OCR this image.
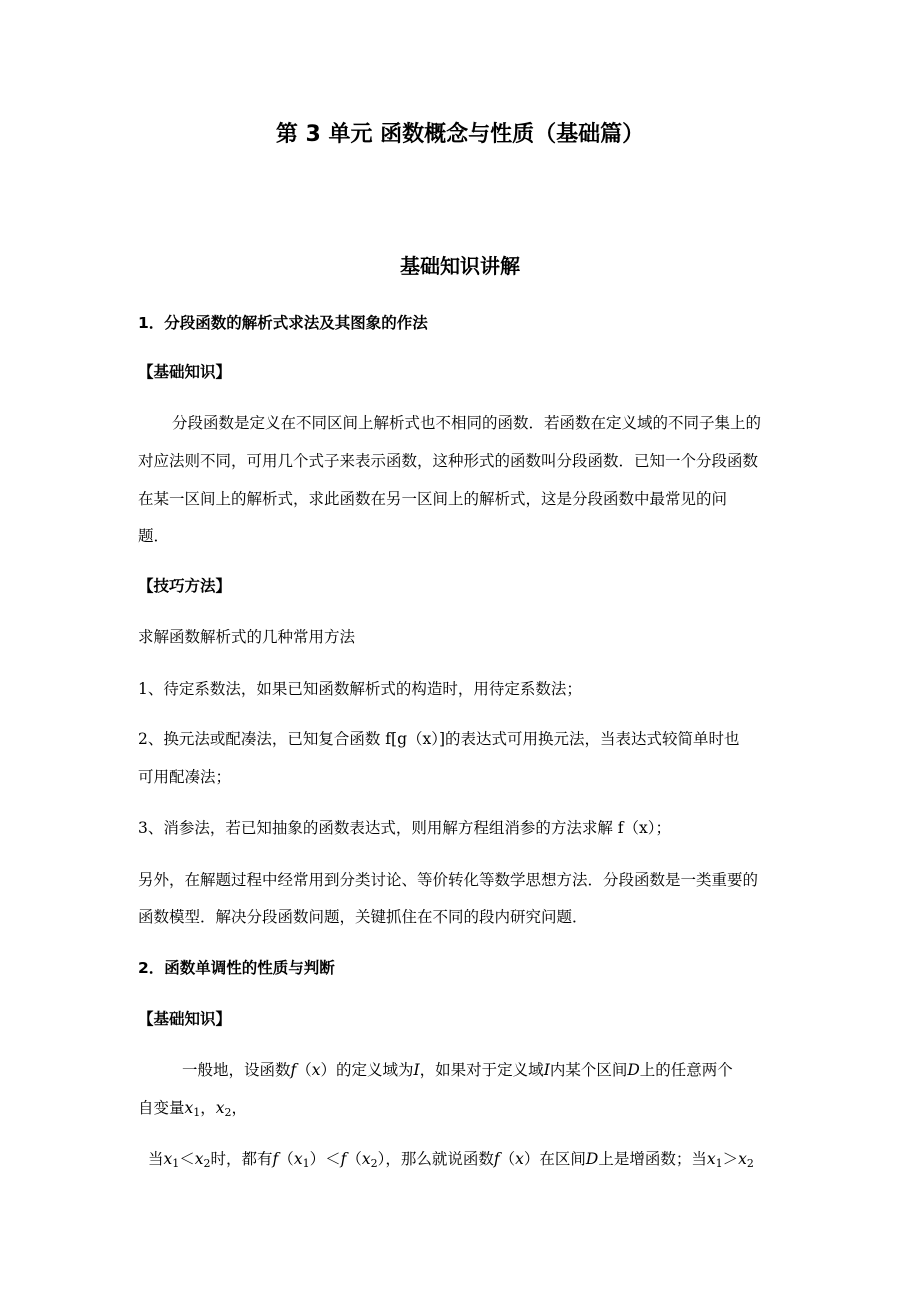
第 3 单元 函数概念与性质（基础篇）
基础知识讲解
1．分段函数的解析式求法及其图象的作法
【基础知识】
分段函数是定义在不同区间上解析式也不相同的函数．若函数在定义域的不同子集上的
对应法则不同，可用几个式子来表示函数，这种形式的函数叫分段函数．已知一个分段函数
在某一区间上的解析式，求此函数在另一区间上的解析式，这是分段函数中最常见的问
题．
【技巧方法】
求解函数解析式的几种常用方法
1、待定系数法，如果已知函数解析式的构造时，用待定系数法；
2、换元法或配凑法，已知复合函数 f[g（x）]的表达式可用换元法，当表达式较简单时也
可用配凑法；
3、消参法，若已知抽象的函数表达式，则用解方程组消参的方法求解 f（x）；
另外，在解题过程中经常用到分类讨论、等价转化等数学思想方法．分段函数是一类重要的
函数模型．解决分段函数问题，关键抓住在不同的段内研究问题．
2．函数单调性的性质与判断
【基础知识】
一般地，设函数f（x）的定义域为I，如果对于定义域I内某个区间D上的任意两个
自变量$x_1$，$x_2$，
当$x_1<x_2$时，都有$f(x_1)<f(x_2)$，那么就说函数f（x）在区间D上是增函数；当$x_1>x_2$
